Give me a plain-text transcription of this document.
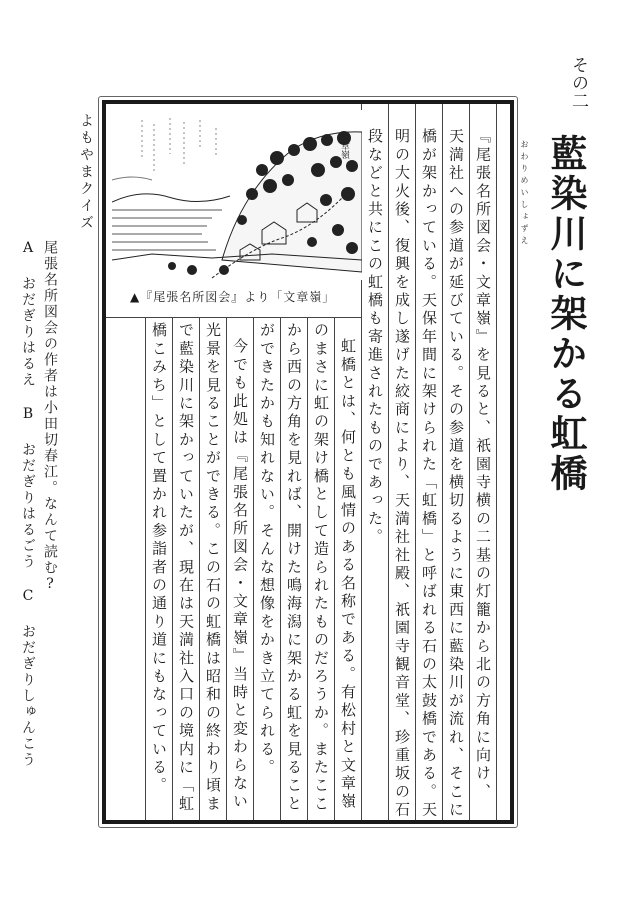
その二
藍染川に架かる虹橋
おわりめいしょずえ
『尾張名所図会・文章嶺』を見ると、祇園寺横の二基の灯籠から北の方角に向け、
天満社への参道が延びている。その参道を横切るように東西に藍染川が流れ、そこに
橋が架かっている。天保年間に架けられた「虹橋」と呼ばれる石の太鼓橋である。天
明の大火後、復興を成し遂げた絞商により、天満社社殿、祇園寺観音堂、珍重坂の石
段などと共にこの虹橋も寄進されたものであった。
虹橋とは、何とも風情のある名称である。有松村と文章嶺
のまさに虹の架け橋として造られたものだろうか。またここ
から西の方角を見れば、開けた鳴海潟に架かる虹を見ること
ができたかも知れない。そんな想像をかき立てられる。
今でも此処は『尾張名所図会・文章嶺』当時と変わらない
光景を見ることができる。この石の虹橋は昭和の終わり頃ま
で藍染川に架かっていたが、現在は天満社入口の境内に「虹
橋こみち」として置かれ参詣者の通り道にもなっている。
文章嶺
▲『尾張名所図会』より「文章嶺」
よもやまクイズ
尾張名所図会の作者は小田切春江。なんて読む?
A おだぎりはるえ B おだぎりはるごう C おだぎりしゅんこう
